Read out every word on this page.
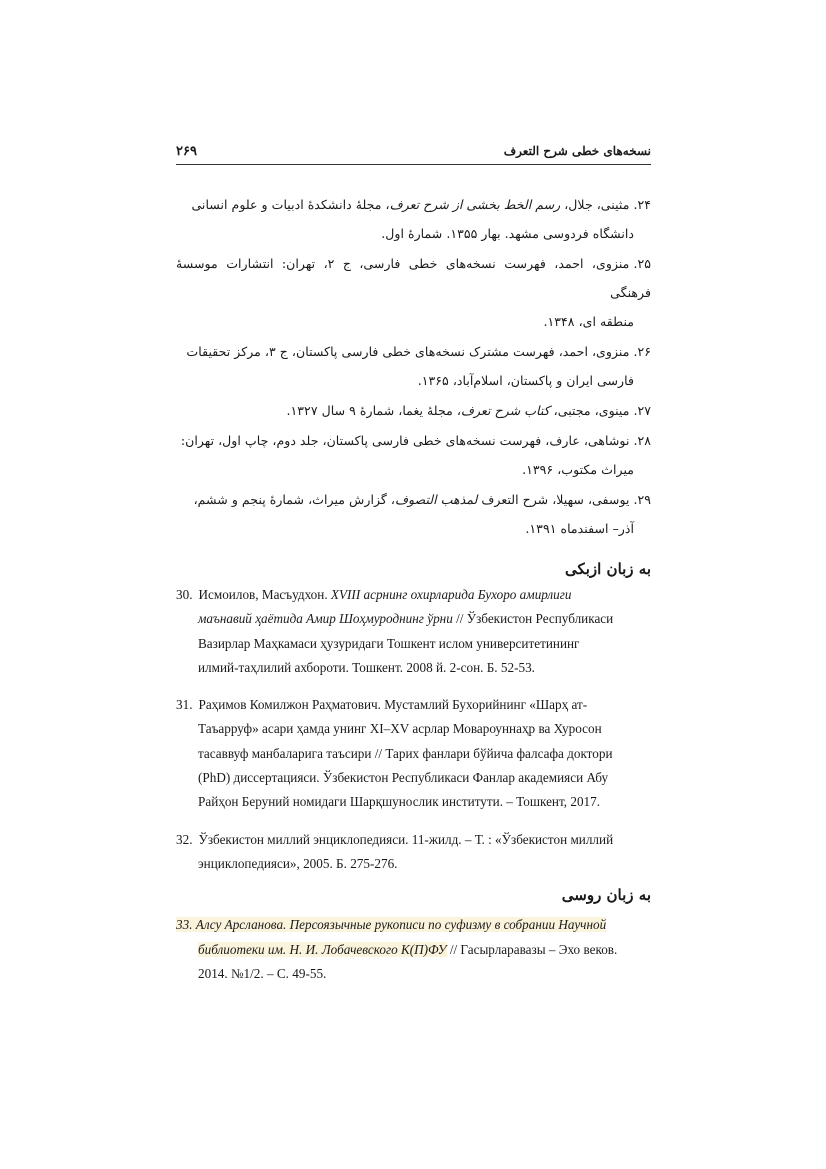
۲۶۹	نسخه‌های خطی شرح التعرف
۲۴.مثینی، جلال، رسم الخط بخشی از شرح تعرف، مجلهٔ دانشکدهٔ ادبیات و علوم انسانی
دانشگاه فردوسی مشهد. بهار ۱۳۵۵. شمارهٔ اول.
۲۵.منزوی، احمد، فهرست نسخه‌های خطی فارسی، ج ۲، تهران: انتشارات موسسهٔ فرهنگی
منطقه ای، ۱۳۴۸.
۲۶.منزوی، احمد، فهرست مشترک نسخه‌های خطی فارسی پاکستان، ج ۳، مرکز تحقیقات
فارسی ایران و پاکستان، اسلام‌آباد، ۱۳۶۵.
۲۷.مینوی، مجتبی، کتاب شرح تعرف، مجلهٔ یغما، شمارهٔ ۹ سال ۱۳۲۷.
۲۸.نوشاهی، عارف، فهرست نسخه‌های خطی فارسی پاکستان، جلد دوم، چاپ اول، تهران:
میراث مکتوب، ۱۳۹۶.
۲۹.یوسفی، سهیلا، شرح التعرف لمذهب التصوف، گزارش میراث، شمارهٔ پنجم و ششم،
آذر– اسفندماه ۱۳۹۱.
به زبان ازبکی
30. Исмоилов, Масъудхон. XVIII асрнинг охирларида Бухоро амирлиги
маънавий ҳаётида Амир Шоҳмуроднинг ўрни // Ўзбекистон Республикаси
Вазирлар Маҳкамаси ҳузуридаги Тошкент ислом университетининг
илмий-таҳлилий ахбороти. Тошкент. 2008 й. 2-сон. Б. 52-53.
31. Раҳимов Комилжон Раҳматович. Мустамлий Бухорийнинг «Шарҳ ат-
Таъарруф» асари ҳамда унинг XI–XV асрлар Мовароуннаҳр ва Хуросон
тасаввуф манбаларига таъсири // Тарих фанлари бўйича фалсафа доктори
(PhD) диссертацияси. Ўзбекистон Республикаси Фанлар академияси Абу
Райҳон Беруний номидаги Шарқшунослик институти. – Тошкент, 2017.
32. Ўзбекистон миллий энциклопедияси. 11-жилд. – Т. : «Ўзбекистон миллий
энциклопедияси», 2005. Б. 275-276.
به زبان روسی
33. Алсу Арсланова. Персоязычные рукописи по суфизму в собрании Научной
библиотеки им. Н. И. Лобачевского К(П)ФУ // Гасырларавазы – Эхо веков.
2014. №1/2. – С. 49-55.
